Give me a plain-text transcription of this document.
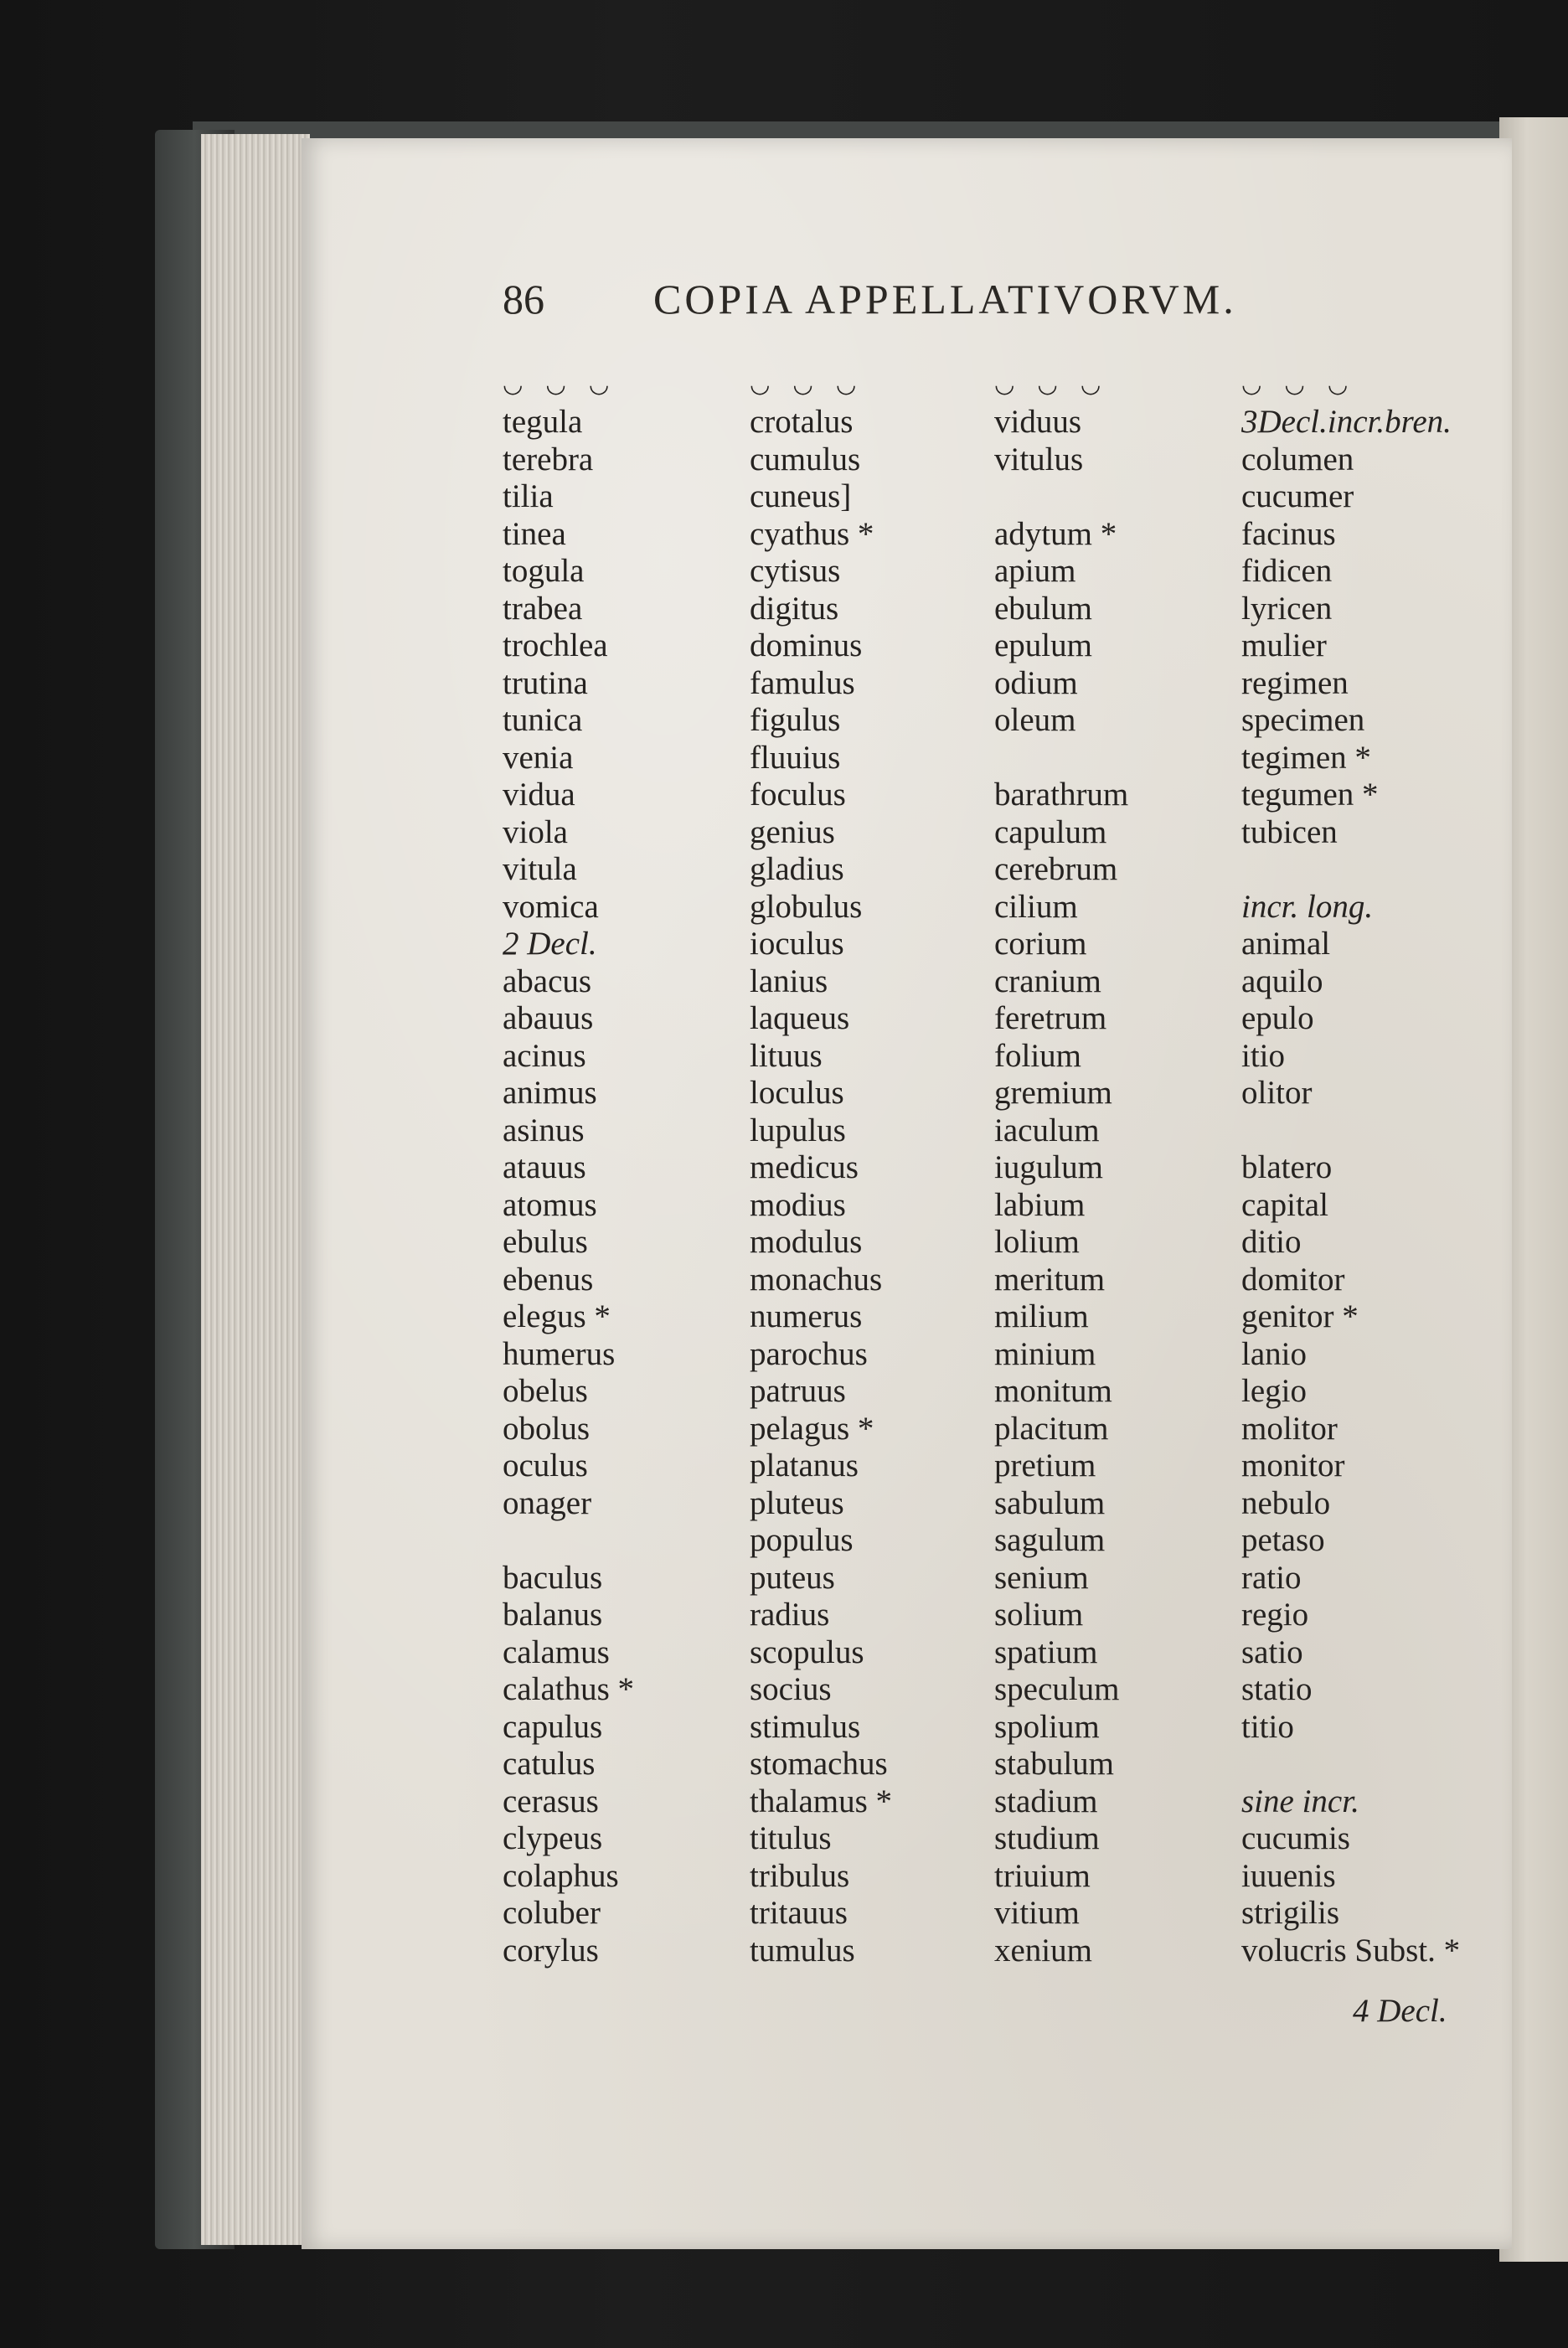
86	COPIA APPELLATIVORVM.
◡ ◡ ◡
tegula
terebra
tilia
tinea
togula
trabea
trochlea
trutina
tunica
venia
vidua
viola
vitula
vomica
2 Decl.
abacus
abauus
acinus
animus
asinus
atauus
atomus
ebulus
ebenus
elegus *
humerus
obelus
obolus
oculus
onager
baculus
balanus
calamus
calathus *
capulus
catulus
cerasus
clypeus
colaphus
coluber
corylus
◡ ◡ ◡
crotalus
cumulus
cuneus]
cyathus *
cytisus
digitus
dominus
famulus
figulus
fluuius
foculus
genius
gladius
globulus
ioculus
lanius
laqueus
lituus
loculus
lupulus
medicus
modius
modulus
monachus
numerus
parochus
patruus
pelagus *
platanus
pluteus
populus
puteus
radius
scopulus
socius
stimulus
stomachus
thalamus *
titulus
tribulus
tritauus
tumulus
◡ ◡ ◡
viduus
vitulus
adytum *
apium
ebulum
epulum
odium
oleum
barathrum
capulum
cerebrum
cilium
corium
cranium
feretrum
folium
gremium
iaculum
iugulum
labium
lolium
meritum
milium
minium
monitum
placitum
pretium
sabulum
sagulum
senium
solium
spatium
speculum
spolium
stabulum
stadium
studium
triuium
vitium
xenium
◡ ◡ ◡
3Decl.incr.bren.
columen
cucumer
facinus
fidicen
lyricen
mulier
regimen
specimen
tegimen *
tegumen *
tubicen
incr. long.
animal
aquilo
epulo
itio
olitor
blatero
capital
ditio
domitor
genitor *
lanio
legio
molitor
monitor
nebulo
petaso
ratio
regio
satio
statio
titio
sine incr.
cucumis
iuuenis
strigilis
volucris Subst. *
4 Decl.
